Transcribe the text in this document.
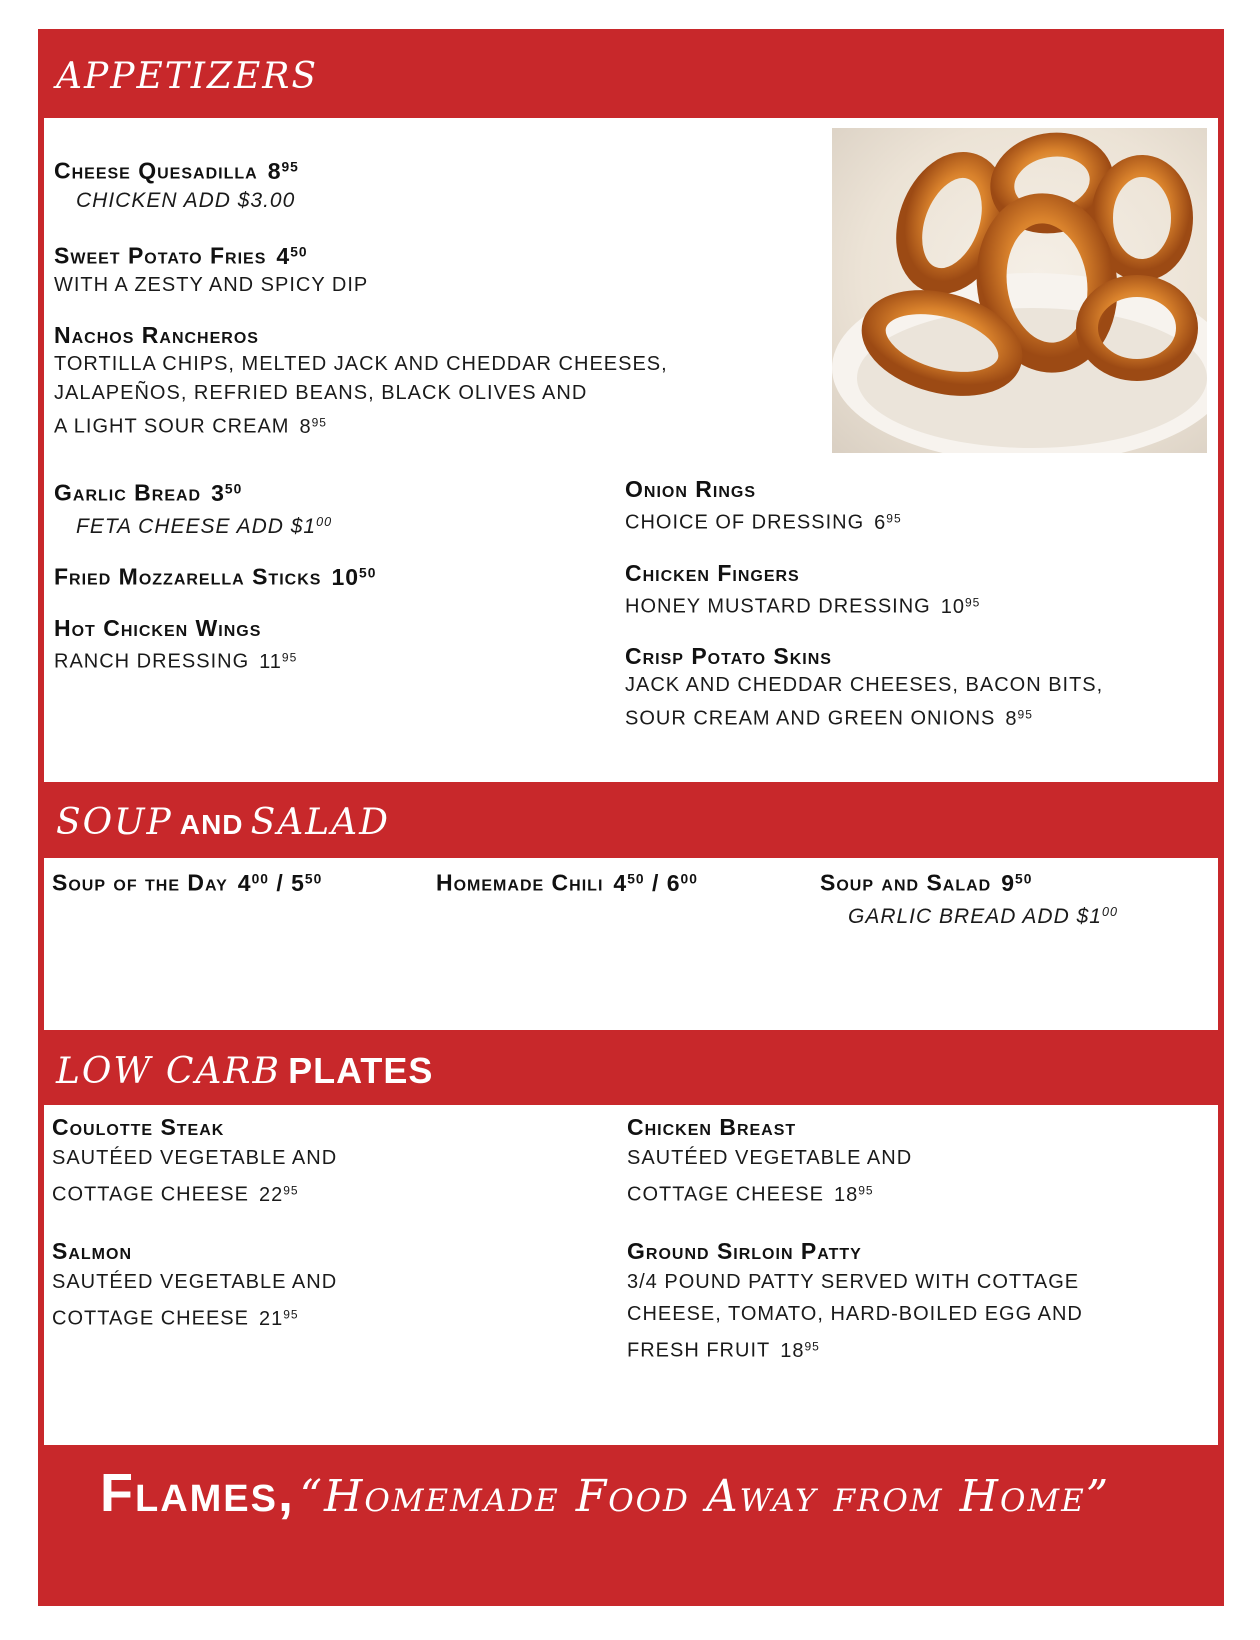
APPETIZERS
SOUP AND SALAD
LOW CARB PLATES
Cheese Quesadilla $8^{95}$
CHICKEN ADD $3.00
Sweet Potato Fries $4^{50}$
WITH A ZESTY AND SPICY DIP
Nachos Rancheros
TORTILLA CHIPS, MELTED JACK AND CHEDDAR CHEESES,
JALAPEÑOS, REFRIED BEANS, BLACK OLIVES AND
A LIGHT SOUR CREAM $8^{95}$
Garlic Bread $3^{50}$
FETA CHEESE ADD $\$1^{00}$
Fried Mozzarella Sticks $10^{50}$
Hot Chicken Wings
RANCH DRESSING $11^{95}$
Onion Rings
CHOICE OF DRESSING $6^{95}$
Chicken Fingers
HONEY MUSTARD DRESSING $10^{95}$
Crisp Potato Skins
JACK AND CHEDDAR CHEESES, BACON BITS,
SOUR CREAM AND GREEN ONIONS $8^{95}$
Soup of the Day $4^{00} / 5^{50}$	Homemade Chili $4^{50} / 6^{00}$	Soup and Salad $9^{50}$
GARLIC BREAD ADD $\$1^{00}$
Coulotte Steak
SAUTÉED VEGETABLE AND
COTTAGE CHEESE $22^{95}$
Salmon
SAUTÉED VEGETABLE AND
COTTAGE CHEESE $21^{95}$
Chicken Breast
SAUTÉED VEGETABLE AND
COTTAGE CHEESE $18^{95}$
Ground Sirloin Patty
3/4 POUND PATTY SERVED WITH COTTAGE
CHEESE, TOMATO, HARD-BOILED EGG AND
FRESH FRUIT $18^{95}$
Flames, “Homemade Food Away from Home”
